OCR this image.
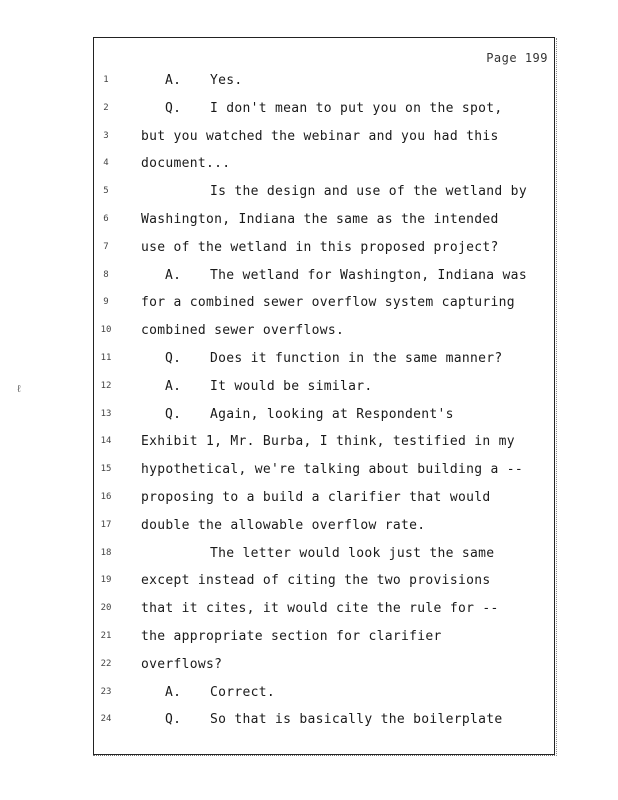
ℓ
Page 199
1	A. Yes.
2	Q. I don't mean to put you on the spot,
3	but you watched the webinar and you had this
4	document...
5	Is the design and use of the wetland by
6	Washington, Indiana the same as the intended
7	use of the wetland in this proposed project?
8	A. The wetland for Washington, Indiana was
9	for a combined sewer overflow system capturing
10	combined sewer overflows.
11	Q. Does it function in the same manner?
12	A. It would be similar.
13	Q. Again, looking at Respondent's
14	Exhibit 1, Mr. Burba, I think, testified in my
15	hypothetical, we're talking about building a --
16	proposing to a build a clarifier that would
17	double the allowable overflow rate.
18	The letter would look just the same
19	except instead of citing the two provisions
20	that it cites, it would cite the rule for --
21	the appropriate section for clarifier
22	overflows?
23	A. Correct.
24	Q. So that is basically the boilerplate
